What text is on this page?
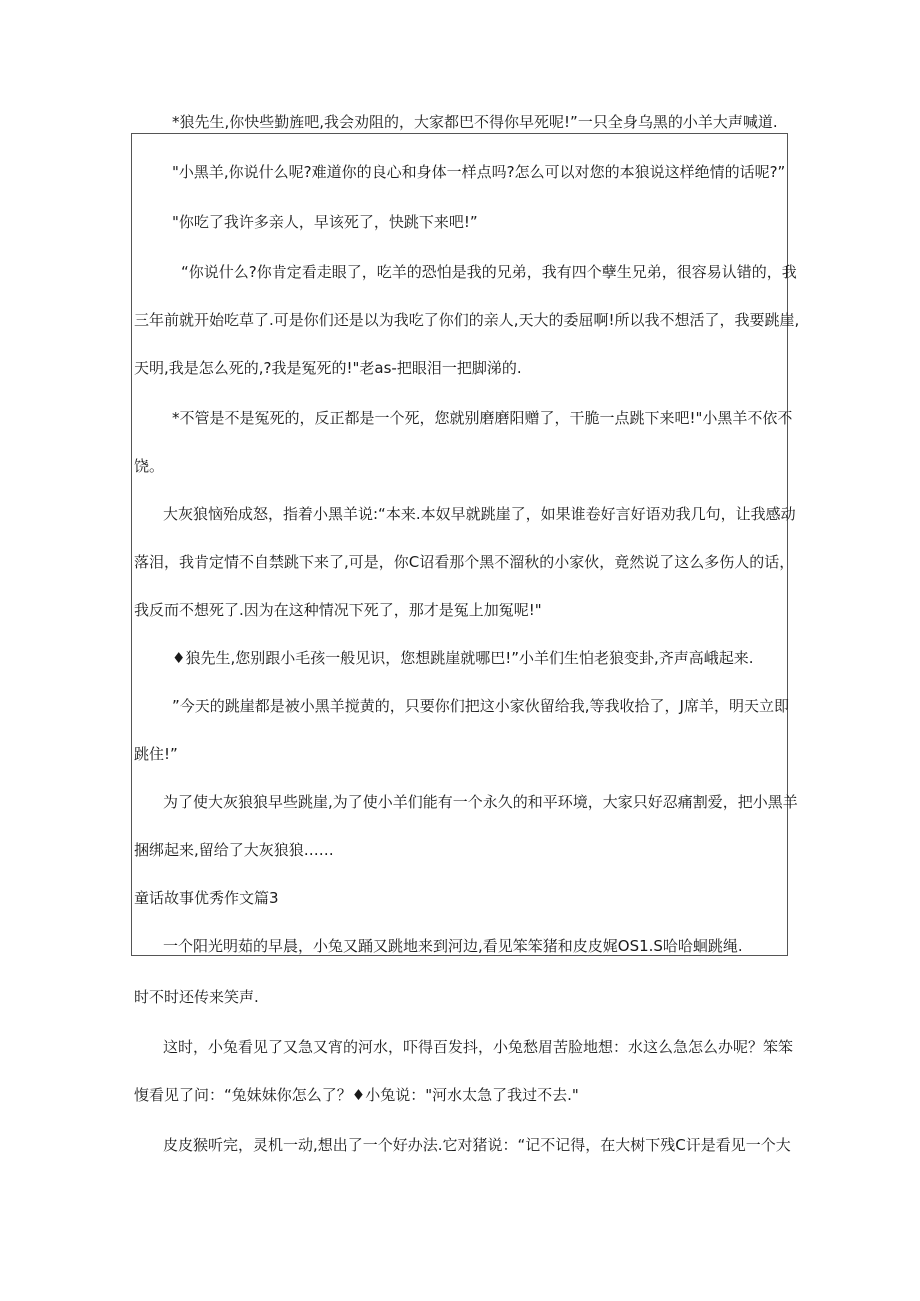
*狼先生,你快些勤旌吧,我会劝阻的，大家都巴不得你早死呢!”一只全身乌黑的小羊大声喊道.
"小黑羊,你说什么呢?难道你的良心和身体一样点吗?怎么可以对您的本狼说这样绝情的话呢?”
"你吃了我许多亲人，早该死了，快跳下来吧!”
“你说什么?你肯定看走眼了，吃羊的恐怕是我的兄弟，我有四个孽生兄弟，很容易认错的，我
三年前就开始吃草了.可是你们还是以为我吃了你们的亲人,天大的委屈啊!所以我不想活了，我要跳崖,
天明,我是怎么死的,?我是冤死的!"老as-把眼泪一把脚涕的.
*不管是不是冤死的，反正都是一个死，您就别磨磨阳赠了，干脆一点跳下来吧!"小黑羊不依不
饶。
大灰狼恼殆成怒，指着小黑羊说:“本来.本奴早就跳崖了，如果谁卷好言好语劝我几句，让我感动
落泪，我肯定情不自禁跳下来了,可是，你C诏看那个黑不溜秋的小家伙，竟然说了这么多伤人的话，
我反而不想死了.因为在这种情况下死了，那才是冤上加冤呢!"
♦狼先生,您别跟小毛孩一般见识，您想跳崖就哪巴!”小羊们生怕老狼变卦,齐声高峨起来.
”今天的跳崖都是被小黑羊搅黄的，只要你们把这小家伙留给我,等我收拾了，J席羊，明天立即
跳住!”
为了使大灰狼狼早些跳崖,为了使小羊们能有一个永久的和平环境，大家只好忍痛割爱，把小黑羊
捆绑起来,留给了大灰狼狼……
童话故事优秀作文篇3
一个阳光明茹的早晨，小兔又踊又跳地来到河边,看见笨笨猪和皮皮娓OS1.S哈哈蛔跳绳.
时不时还传来笑声.
这时，小兔看见了又急又宵的河水，吓得百发抖，小兔愁眉苦脸地想：水这么急怎么办呢？笨笨
愎看见了问：“兔妹妹你怎么了？♦小兔说："河水太急了我过不去."
皮皮猴听完，灵机一动,想出了一个好办法.它对猪说：“记不记得，在大树下残C讦是看见一个大
